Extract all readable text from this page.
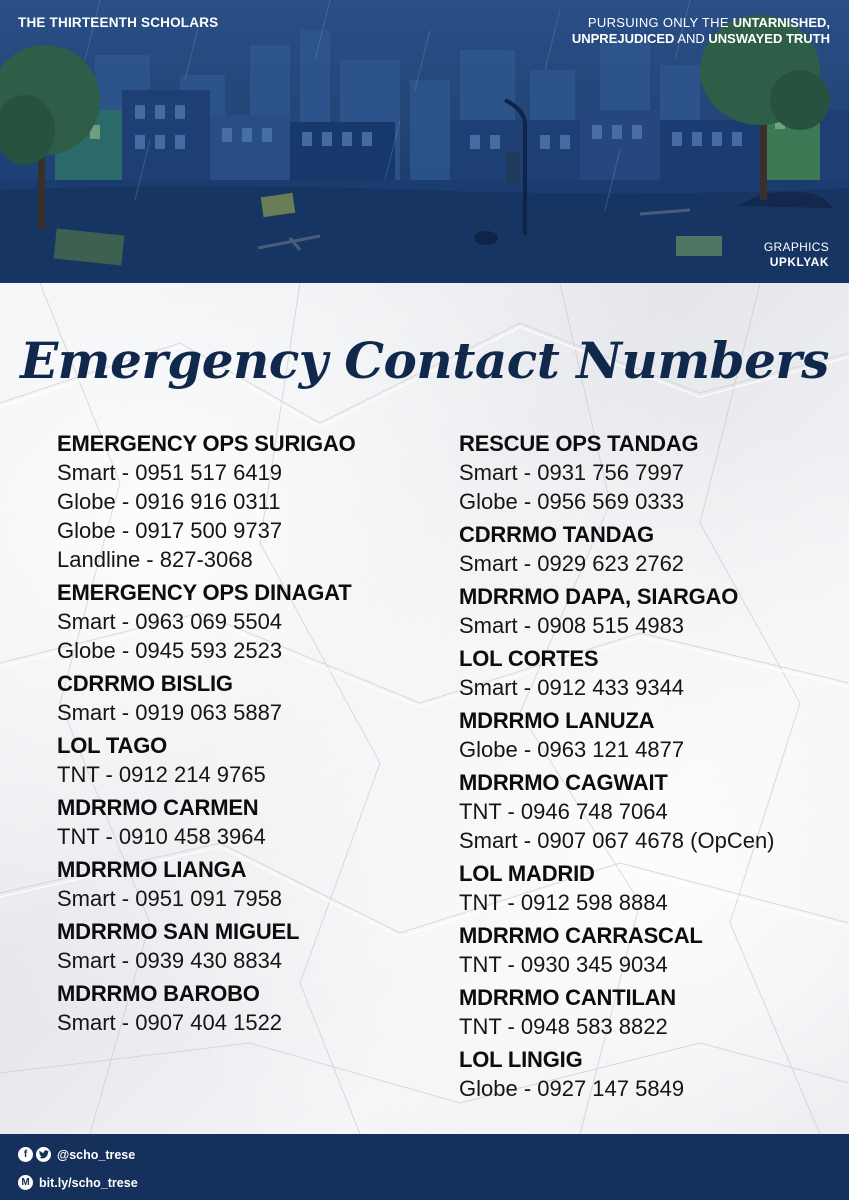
THE THIRTEENTH SCHOLARS	PURSUING ONLY THE UNTARNISHED,
UNPREJUDICED AND UNSWAYED TRUTH
GRAPHICS
UPKLYAK
Emergency Contact Numbers
EMERGENCY OPS SURIGAO
Smart - 0951 517 6419
Globe - 0916 916 0311
Globe - 0917 500 9737
Landline - 827-3068
EMERGENCY OPS DINAGAT
Smart - 0963 069 5504
Globe - 0945 593 2523
CDRRMO BISLIG
Smart - 0919 063 5887
LOL TAGO
TNT - 0912 214 9765
MDRRMO CARMEN
TNT - 0910 458 3964
MDRRMO LIANGA
Smart - 0951 091 7958
MDRRMO SAN MIGUEL
Smart - 0939 430 8834
MDRRMO BAROBO
Smart - 0907 404 1522
RESCUE OPS TANDAG
Smart - 0931 756 7997
Globe - 0956 569 0333
CDRRMO TANDAG
Smart - 0929 623 2762
MDRRMO DAPA, SIARGAO
Smart - 0908 515 4983
LOL CORTES
Smart - 0912 433 9344
MDRRMO LANUZA
Globe - 0963 121 4877
MDRRMO CAGWAIT
TNT - 0946 748 7064
Smart - 0907 067 4678 (OpCen)
LOL MADRID
TNT - 0912 598 8884
MDRRMO CARRASCAL
TNT - 0930 345 9034
MDRRMO CANTILAN
TNT - 0948 583 8822
LOL LINGIG
Globe - 0927 147 5849
f	@scho_trese
M bit.ly/scho_trese
